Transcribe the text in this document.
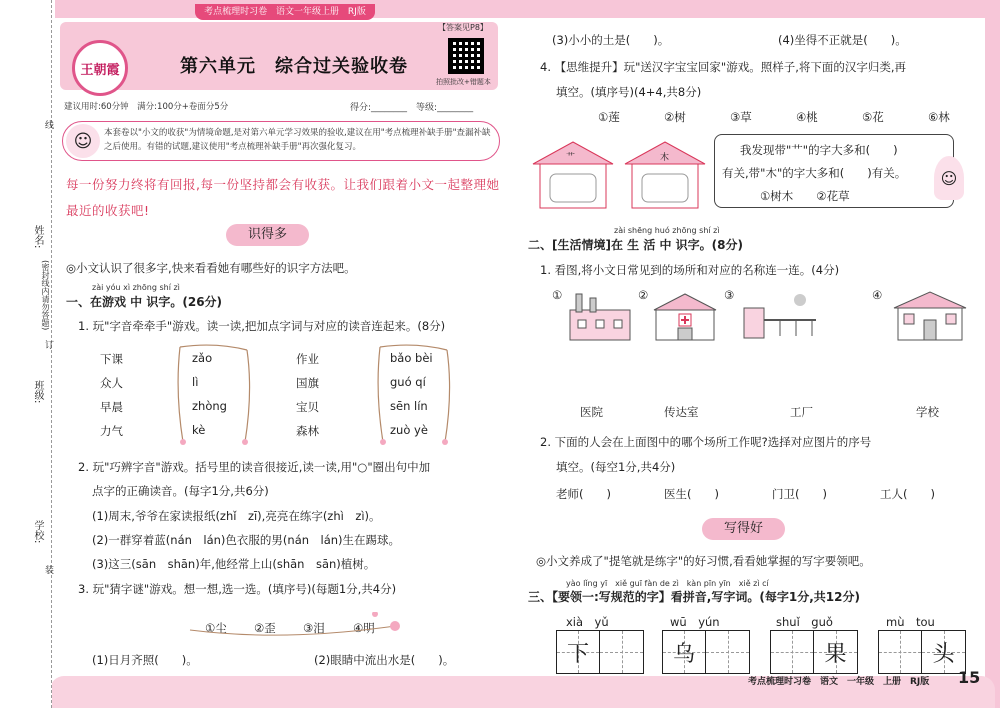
学校:
班级:
姓名:
(密封线内请勿答题)
线
订
装
考点梳理时习卷 语文一年级上册 RJ版
王朝霞	第六单元　综合过关验收卷
【答案见P8】
拍照批改+错题本
建议用时:60分钟　满分:100分+卷面分5分	得分:________　等级:________
☺	本套卷以"小文的收获"为情境命题,是对第六单元学习效果的验收,建议在用"考点梳理补缺手册"查漏补缺之后使用。有错的试题,建议使用"考点梳理补缺手册"再次强化复习。
每一份努力终将有回报,每一份坚持都会有收获。让我们跟着小文一起整理她最近的收获吧!
识得多
◎小文认识了很多字,快来看看她有哪些好的识字方法吧。
zài yóu xì zhōng shí zì
一、在游戏 中 识字。(26分)
1. 玩"字音牵牵手"游戏。读一读,把加点字词与对应的读音连起来。(8分)
下课
众人
早晨
力气
zǎo
lì
zhòng
kè
作业
国旗
宝贝
森林
bǎo bèi
guó qí
sēn lín
zuò yè
2. 玩"巧辨字音"游戏。括号里的读音很接近,读一读,用"○"圈出句中加
点字的正确读音。(每字1分,共6分)
(1)周末,爷爷在家读报纸(zhǐ　zī),亮亮在练字(zhì　zì)。
(2)一群穿着蓝(nán　lán)色衣服的男(nán　lán)生在踢球。
(3)这三(sān　shān)年,他经常上山(shān　sān)植树。
3. 玩"猜字谜"游戏。想一想,选一选。(填序号)(每题1分,共4分)
①尘 ②歪 ③泪 ④明
(1)日月齐照(　　)。	(2)眼睛中流出水是(　　)。
(3)小小的土是(　　)。	(4)坐得不正就是(　　)。
4. 【思维提升】玩"送汉字宝宝回家"游戏。照样子,将下面的汉字归类,再
填空。(填序号)(4+4,共8分)
①莲	②树	③草	④桃	⑤花	⑥林
艹	木
我发现带"艹"的字大多和(　　)
有关,带"木"的字大多和(　　)有关。
①树木　　②花草
☺
zài shēng huó zhōng shí zì
二、[生活情境]在 生 活 中 识字。(8分)
1. 看图,将小文日常见到的场所和对应的名称连一连。(4分)
①	②	③	④
医院	传达室	工厂	学校
2. 下面的人会在上面图中的哪个场所工作呢?选择对应图片的序号
填空。(每空1分,共4分)
老师(　　)	医生(　　)	门卫(　　)	工人(　　)
写得好
◎小文养成了"提笔就是练字"的好习惯,看看她掌握的写字要领吧。
yào lǐng yī　xiě guī fàn de zì　kàn pīn yīn　xiě zì cí
三、【要领一:写规范的字】看拼音,写字词。(每字1分,共12分)
xià　yǔ
下
wū　yún
乌
shuǐ　guǒ
果
mù　tou
头
考点梳理时习卷　语文　一年级　上册　RJ版 15
